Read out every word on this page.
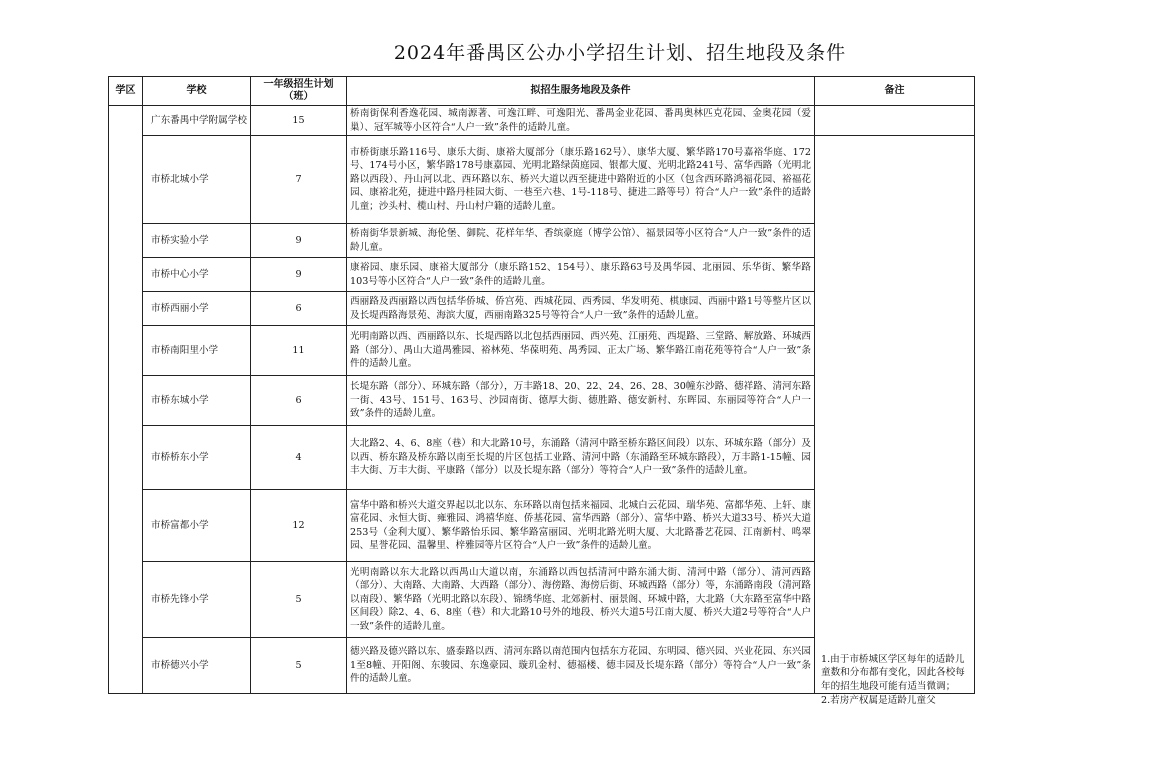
2024年番禺区公办小学招生计划、招生地段及条件
学区	学校	一年级招生计划（班）	拟招生服务地段及条件	备注
	广东番禺中学附属学校	15	桥南街保利香逸花园、城南源著、可逸江畔、可逸阳光、番禺金业花园、番禺奥林匹克花园、金奥花园（爱巢）、冠军城等小区符合“人户一致”条件的适龄儿童。	
	市桥北城小学	7	市桥街康乐路116号、康乐大街、康裕大厦部分（康乐路162号）、康华大厦、繁华路170号嘉裕华庭、172号、174号小区，繁华路178号康嘉园、光明北路绿茵庭园、银都大厦、光明北路241号、富华西路（光明北路以西段）、丹山河以北、西环路以东、桥兴大道以西至捷进中路附近的小区（包含西环路鸿福花园、裕福花园、康裕北苑，捷进中路丹桂园大街、一巷至六巷、1号-118号、捷进二路等号）符合“人户一致”条件的适龄儿童；沙头村、榄山村、丹山村户籍的适龄儿童。	1.由于市桥城区学区每年的适龄儿童数和分布都有变化，因此各校每年的招生地段可能有适当微调；
2.若房产权属是适龄儿童父

	市桥实验小学	9	桥南街华景新城、海伦堡、御院、花样年华、香缤豪庭（博学公馆）、福景园等小区符合“人户一致”条件的适龄儿童。	
	市桥中心小学	9	康裕园、康乐园、康裕大厦部分（康乐路152、154号）、康乐路63号及禺华园、北丽园、乐华街、繁华路103号等小区符合“人户一致”条件的适龄儿童。	
	市桥西丽小学	6	西丽路及西丽路以西包括华侨城、侨宫苑、西城花园、西秀园、华发明苑、棋康园、西丽中路1号等整片区以及长堤西路海景苑、海滨大厦，西丽南路325号等符合“人户一致”条件的适龄儿童。	
	市桥南阳里小学	11	光明南路以西、西丽路以东、长堤西路以北包括西丽园、西兴苑、江丽苑、西堤路、三堂路、解放路、环城西路（部分）、禺山大道禺雅园、裕林苑、华葆明苑、禺秀园、正太广场、繁华路江南花苑等符合“人户一致”条件的适龄儿童。	
	市桥东城小学	6	长堤东路（部分）、环城东路（部分），万丰路18、20、22、24、26、28、30幢东沙路、德祥路、清河东路一街、43号、151号、163号、沙园南街、德厚大街、德胜路、德安新村、东晖园、东丽园等符合“人户一致”条件的适龄儿童。	
	市桥桥东小学	4	大北路2、4、6、8座（巷）和大北路10号，东涌路（清河中路至桥东路区间段）以东、环城东路（部分）及以西、桥东路及桥东路以南至长堤的片区包括工业路、清河中路（东涌路至环城东路段），万丰路1-15幢、园丰大街、万丰大街、平康路（部分）以及长堤东路（部分）等符合“人户一致”条件的适龄儿童。	
	市桥富都小学	12	富华中路和桥兴大道交界起以北以东、东环路以南包括来福园、北城白云花园、瑞华苑、富都华苑、上轩、康富花园、永恒大街、雍雅园、鸿禧华庭、侨基花园、富华西路（部分）、富华中路、桥兴大道33号、桥兴大道253号（金利大厦）、繁华路怡乐园、繁华路富丽园、光明北路光明大厦、大北路番艺花园、江南新村、鸣翠园、星誉花园、温馨里、梓雅园等片区符合“人户一致”条件的适龄儿童。	
	市桥先锋小学	5	光明南路以东大北路以西禺山大道以南，东涌路以西包括清河中路东涌大街、清河中路（部分）、清河西路（部分）、大南路、大南路、大西路（部分）、海傍路、海傍后街、环城西路（部分）等，东涌路南段（清河路以南段）、繁华路（光明北路以东段）、锦绣华庭、北郊新村、丽景阁、环城中路，大北路（大东路至富华中路区间段）除2、4、6、8座（巷）和大北路10号外的地段、桥兴大道5号江南大厦、桥兴大道2号等符合“人户一致”条件的适龄儿童。	
	市桥德兴小学	5	德兴路及德兴路以东、盛泰路以西、清河东路以南范围内包括东方花园、东明园、德兴园、兴业花园、东兴园1至8幢、开阳阁、东骏园、东逸豪园、璇玑金村、德福楼、德丰园及长堤东路（部分）等符合“人户一致”条件的适龄儿童。	
